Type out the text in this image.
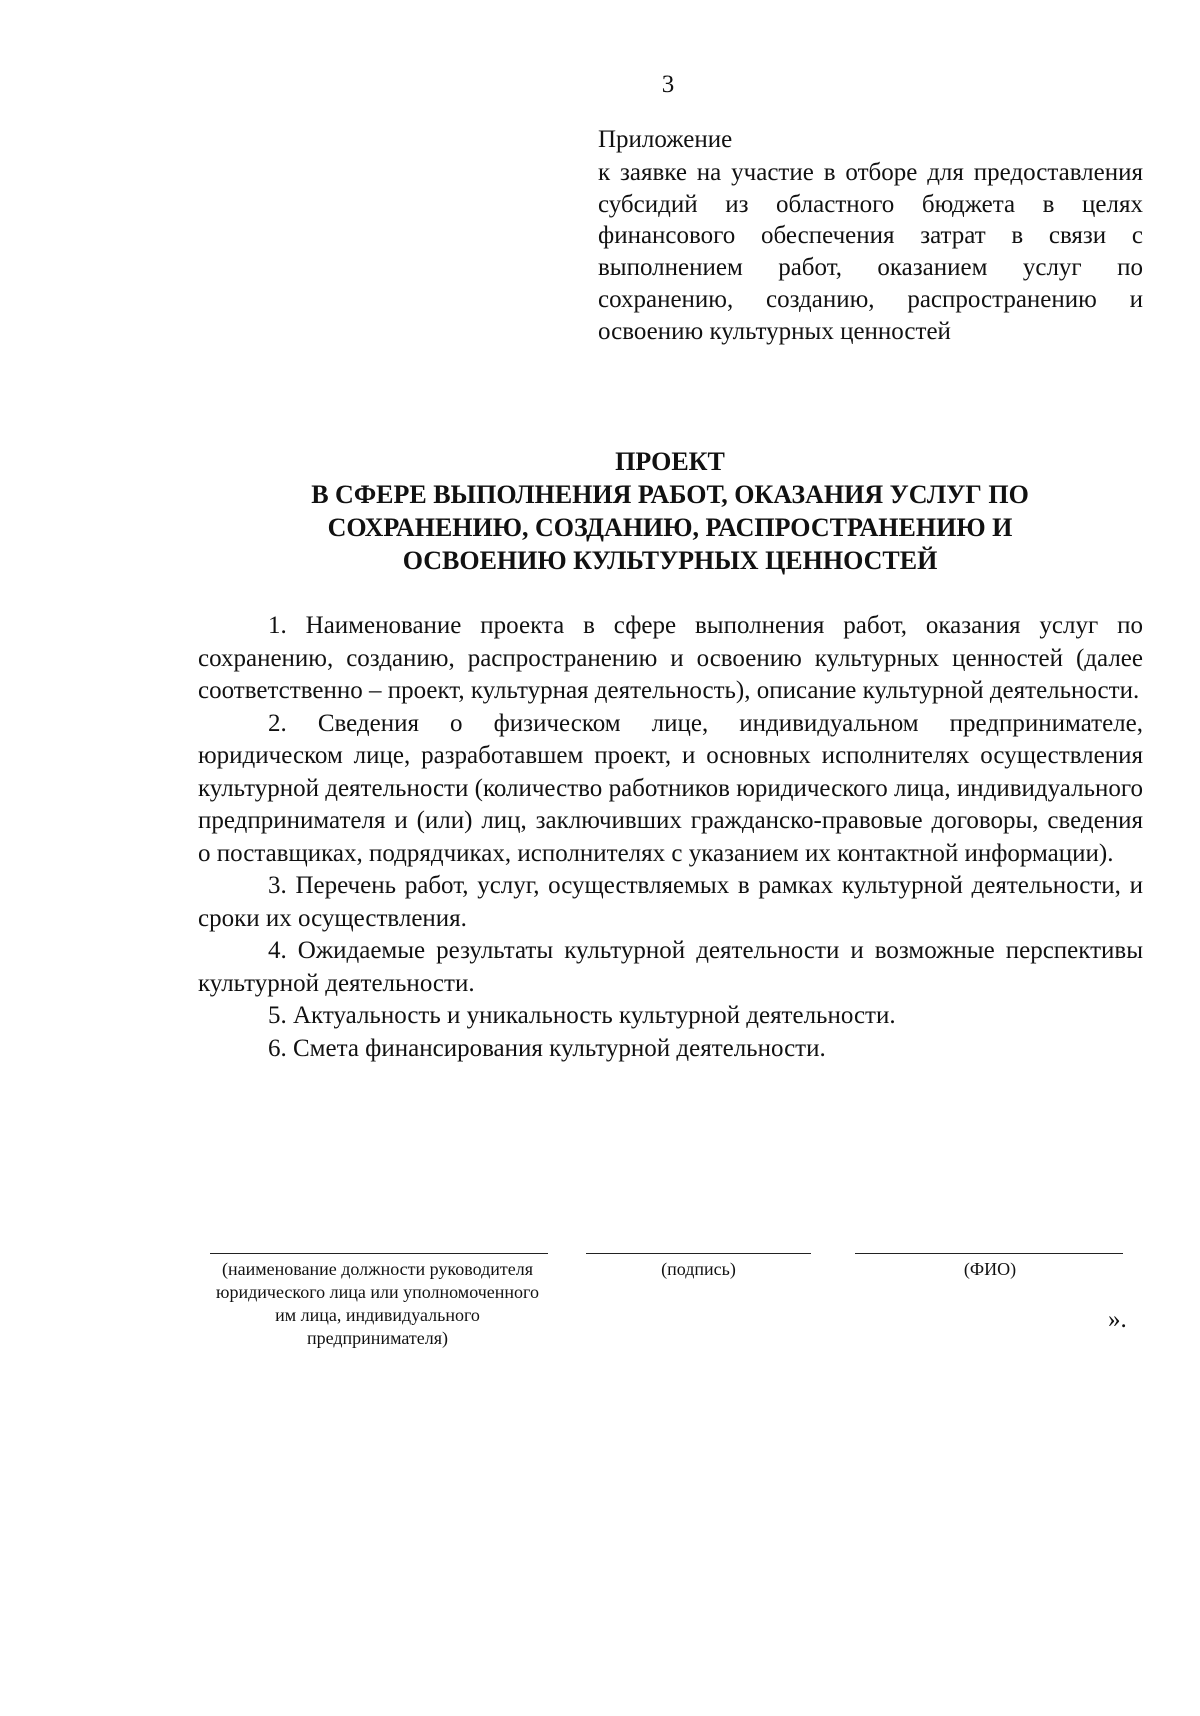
3
Приложение

к заявке на участие в отборе для предоставления субсидий из областного бюджета в целях финансового обеспечения затрат в связи с выполнением работ, оказанием услуг по сохранению, созданию, распространению и освоению культурных ценностей

ПРОЕКТ
В СФЕРЕ ВЫПОЛНЕНИЯ РАБОТ, ОКАЗАНИЯ УСЛУГ ПО
СОХРАНЕНИЮ, СОЗДАНИЮ, РАСПРОСТРАНЕНИЮ И
ОСВОЕНИЮ КУЛЬТУРНЫХ ЦЕННОСТЕЙ

1. Наименование проекта в сфере выполнения работ, оказания услуг по сохранению, созданию, распространению и освоению культурных ценностей (далее соответственно – проект, культурная деятельность), описание культурной деятельности.

2. Сведения о физическом лице, индивидуальном предпринимателе, юридическом лице, разработавшем проект, и основных исполнителях осуществления культурной деятельности (количество работников юридического лица, индивидуального предпринимателя и (или) лиц, заключивших гражданско-правовые договоры, сведения о поставщиках, подрядчиках, исполнителях с указанием их контактной информации).

3. Перечень работ, услуг, осуществляемых в рамках культурной деятельности, и сроки их осуществления.

4. Ожидаемые результаты культурной деятельности и возможные перспективы культурной деятельности.

5. Актуальность и уникальность культурной деятельности.

6. Смета финансирования культурной деятельности.

(наименование должности руководителя юридического лица или уполномоченного им лица, индивидуального предпринимателя)

(подпись)	(ФИО)

».
